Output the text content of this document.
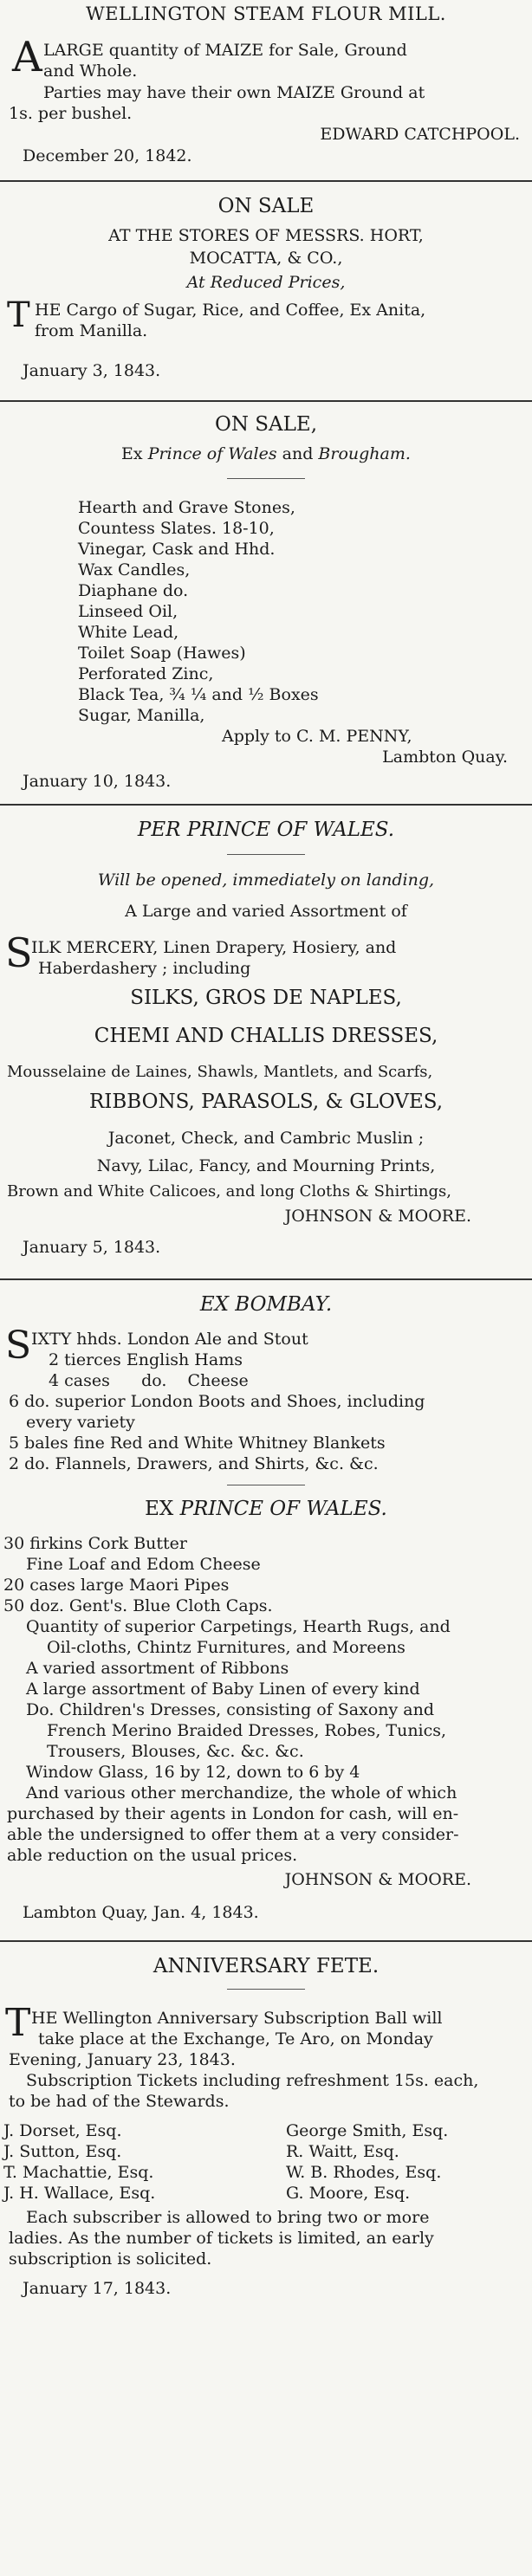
WELLINGTON STEAM FLOUR MILL.
A LARGE quantity of MAIZE for Sale, Ground
and Whole.
Parties may have their own MAIZE Ground at
1s. per bushel.
EDWARD CATCHPOOL.
December 20, 1842.
ON SALE
AT THE STORES OF MESSRS. HORT,
MOCATTA, & CO.,
At Reduced Prices,
T HE Cargo of Sugar, Rice, and Coffee, Ex Anita,
from Manilla.
January 3, 1843.
ON SALE,
Ex Prince of Wales and Brougham.
Hearth and Grave Stones,
Countess Slates. 18-10,
Vinegar, Cask and Hhd.
Wax Candles,
Diaphane do.
Linseed Oil,
White Lead,
Toilet Soap (Hawes)
Perforated Zinc,
Black Tea, ¾ ¼ and ½ Boxes
Sugar, Manilla,
Apply to C. M. PENNY,
Lambton Quay.
January 10, 1843.
PER PRINCE OF WALES.
Will be opened, immediately on landing,
A Large and varied Assortment of
S
ILK MERCERY, Linen Drapery, Hosiery, and
Haberdashery ; including
SILKS, GROS DE NAPLES,
CHEMI AND CHALLIS DRESSES,
Mousselaine de Laines, Shawls, Mantlets, and Scarfs,
RIBBONS, PARASOLS, & GLOVES,
Jaconet, Check, and Cambric Muslin ;
Navy, Lilac, Fancy, and Mourning Prints,
Brown and White Calicoes, and long Cloths & Shirtings,
JOHNSON & MOORE.
January 5, 1843.
EX BOMBAY.
S IXTY hhds. London Ale and Stout
2 tierces English Hams
4 cases      do.    Cheese
6 do. superior London Boots and Shoes, including
every variety
5 bales fine Red and White Whitney Blankets
2 do. Flannels, Drawers, and Shirts, &c. &c.
EX PRINCE OF WALES.
30 firkins Cork Butter
Fine Loaf and Edom Cheese
20 cases large Maori Pipes
50 doz. Gent's. Blue Cloth Caps.
Quantity of superior Carpetings, Hearth Rugs, and
Oil-cloths, Chintz Furnitures, and Moreens
A varied assortment of Ribbons
A large assortment of Baby Linen of every kind
Do. Children's Dresses, consisting of Saxony and
French Merino Braided Dresses, Robes, Tunics,
Trousers, Blouses, &c. &c. &c.
Window Glass, 16 by 12, down to 6 by 4
And various other merchandize, the whole of which
purchased by their agents in London for cash, will en-
able the undersigned to offer them at a very consider-
able reduction on the usual prices.
JOHNSON & MOORE.
Lambton Quay, Jan. 4, 1843.
ANNIVERSARY FETE.
T HE Wellington Anniversary Subscription Ball will
take place at the Exchange, Te Aro, on Monday
Evening, January 23, 1843.
Subscription Tickets including refreshment 15s. each,
to be had of the Stewards.
J. Dorset, Esq.
J. Sutton, Esq.
T. Machattie, Esq.
J. H. Wallace, Esq.
George Smith, Esq.
R. Waitt, Esq.
W. B. Rhodes, Esq.
G. Moore, Esq.
Each subscriber is allowed to bring two or more
ladies. As the number of tickets is limited, an early
subscription is solicited.
January 17, 1843.
